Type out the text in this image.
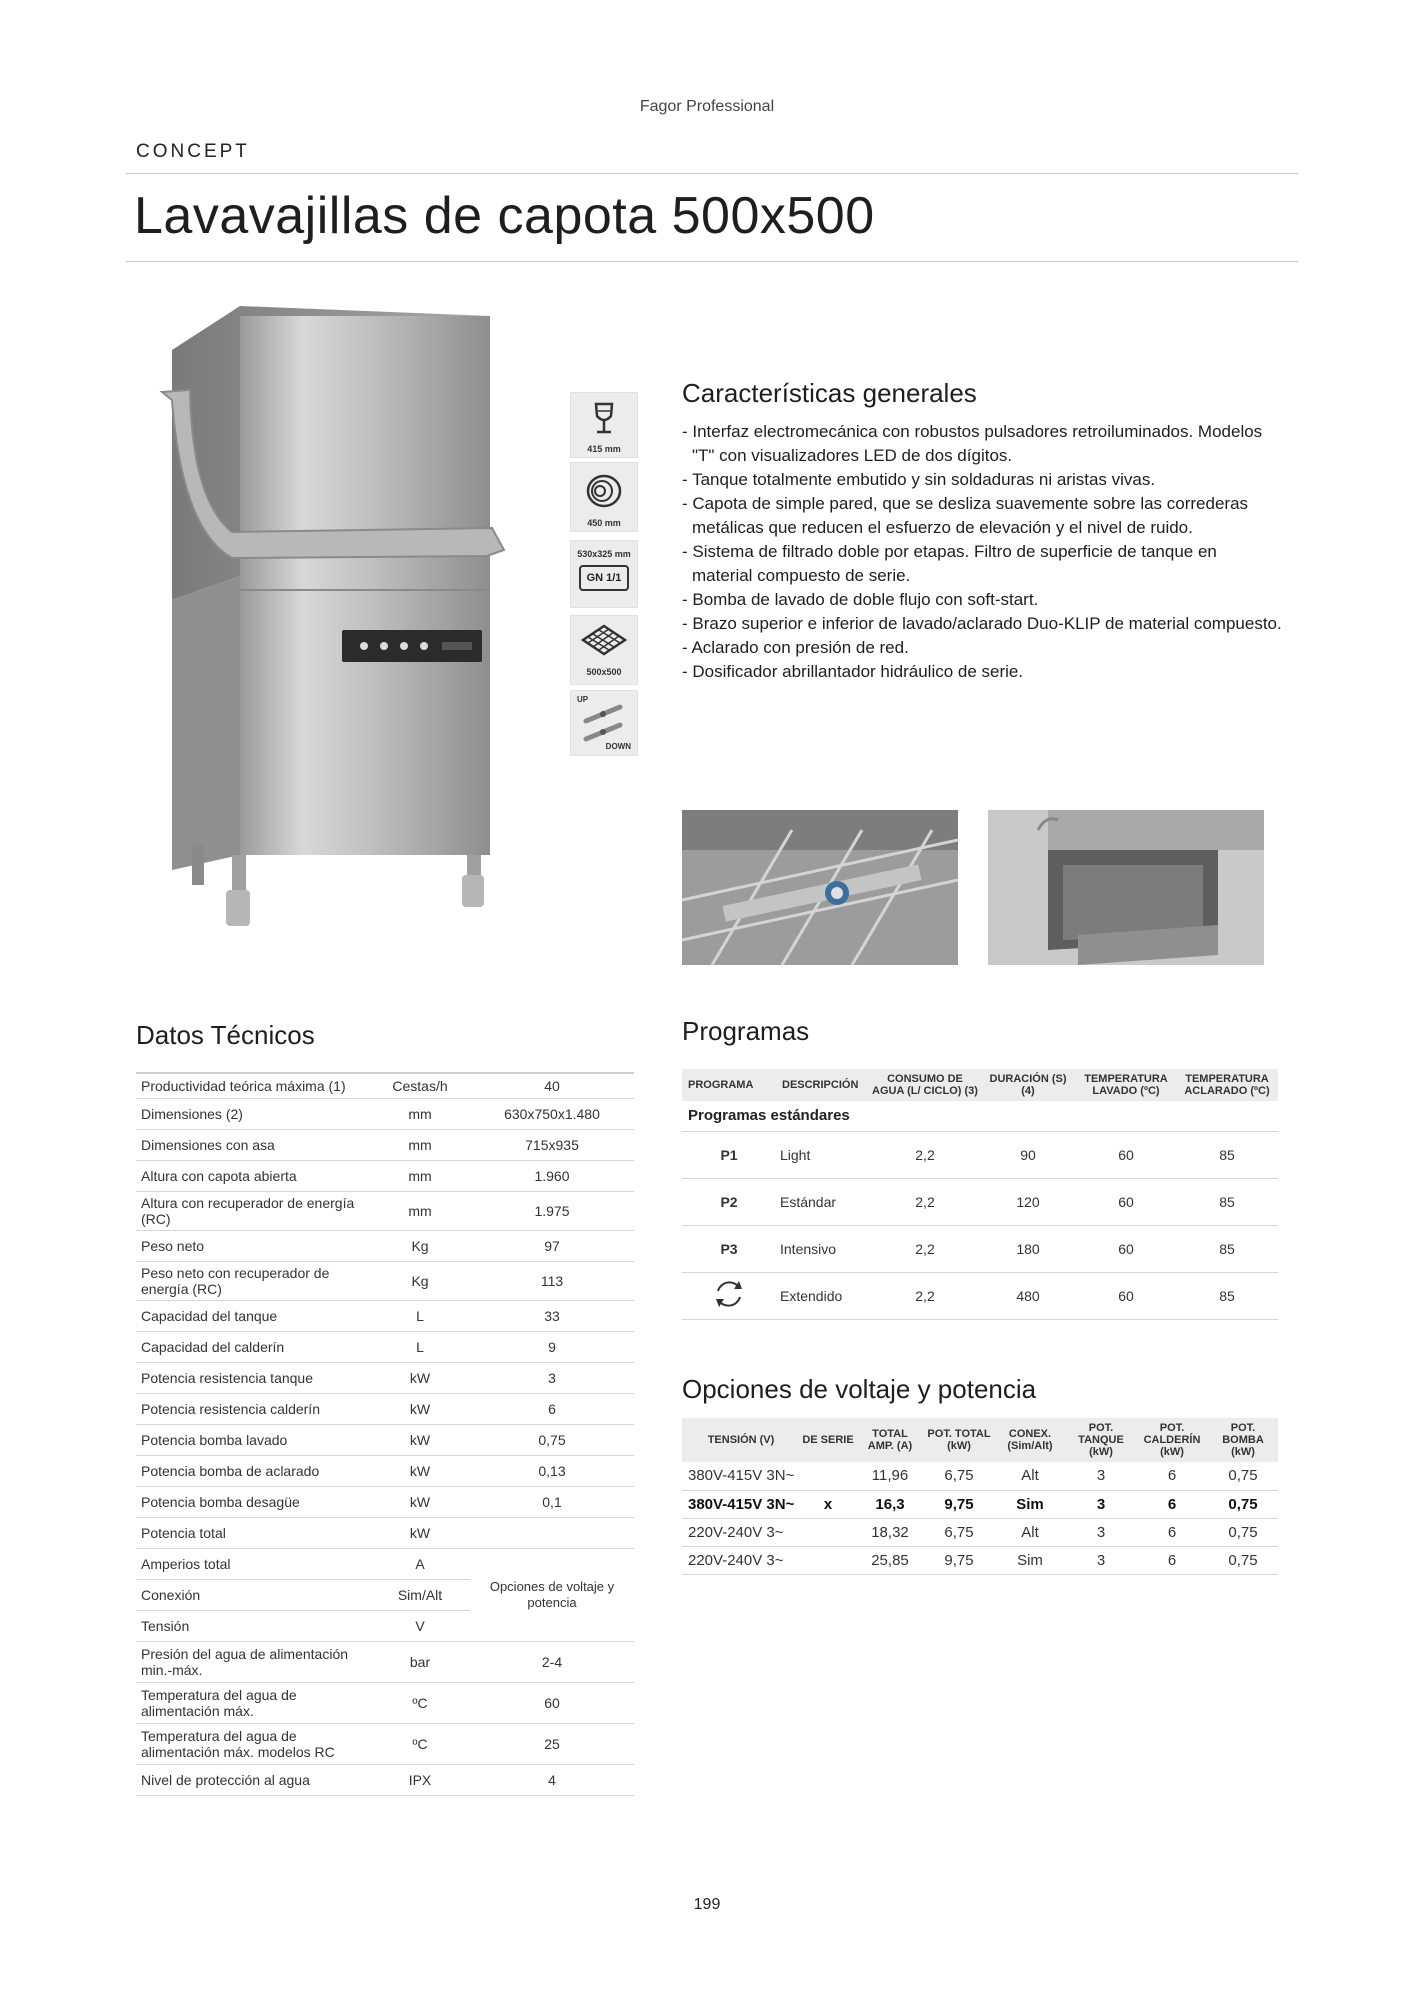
Fagor Professional
CONCEPT
Lavavajillas de capota 500x500
415 mm
450 mm
530x325 mm
GN 1/1
500x500
UP
DOWN
Características generales
- Interfaz electromecánica con robustos pulsadores retroiluminados. Modelos "T" con visualizadores LED de dos dígitos.
- Tanque totalmente embutido y sin soldaduras ni aristas vivas.
- Capota de simple pared, que se desliza suavemente sobre las correderas metálicas que reducen el esfuerzo de elevación y el nivel de ruido.
- Sistema de filtrado doble por etapas. Filtro de superficie de tanque en material compuesto de serie.
- Bomba de lavado de doble flujo con soft-start.
- Brazo superior e inferior de lavado/aclarado Duo-KLIP de material compuesto.
- Aclarado con presión de red.
- Dosificador abrillantador hidráulico de serie.
Datos Técnicos
Productividad teórica máxima (1)	Cestas/h	40
Dimensiones (2)	mm	630x750x1.480
Dimensiones con asa	mm	715x935
Altura con capota abierta	mm	1.960
Altura con recuperador de energía (RC)	mm	1.975
Peso neto	Kg	97
Peso neto con recuperador de energía (RC)	Kg	113
Capacidad del tanque	L	33
Capacidad del calderín	L	9
Potencia resistencia tanque	kW	3
Potencia resistencia calderín	kW	6
Potencia bomba lavado	kW	0,75
Potencia bomba de aclarado	kW	0,13
Potencia bomba desagüe	kW	0,1
Potencia total	kW	
Amperios total	A	Opciones de voltaje y potencia
Conexión	Sim/Alt	
Tensión	V	
Presión del agua de alimentación min.-máx.	bar	2-4
Temperatura del agua de alimentación máx.	ºC	60
Temperatura del agua de alimentación máx. modelos RC	ºC	25
Nivel de protección al agua	IPX	4
Programas
PROGRAMA	DESCRIPCIÓN	CONSUMO DE AGUA (L/ CICLO) (3)	DURACIÓN (S) (4)	TEMPERATURA LAVADO (ºC)	TEMPERATURA ACLARADO (ºC)
Programas estándares					
P1	Light	2,2	90	60	85
P2	Estándar	2,2	120	60	85
P3	Intensivo	2,2	180	60	85
	Extendido	2,2	480	60	85
Opciones de voltaje y potencia
TENSIÓN (V)	DE SERIE	TOTAL AMP. (A)	POT. TOTAL (kW)	CONEX. (Sim/Alt)	POT. TANQUE (kW)	POT. CALDERÍN (kW)	POT. BOMBA (kW)
380V-415V 3N~		11,96	6,75	Alt	3	6	0,75
380V-415V 3N~	x	16,3	9,75	Sim	3	6	0,75
220V-240V 3~		18,32	6,75	Alt	3	6	0,75
220V-240V 3~		25,85	9,75	Sim	3	6	0,75
199
